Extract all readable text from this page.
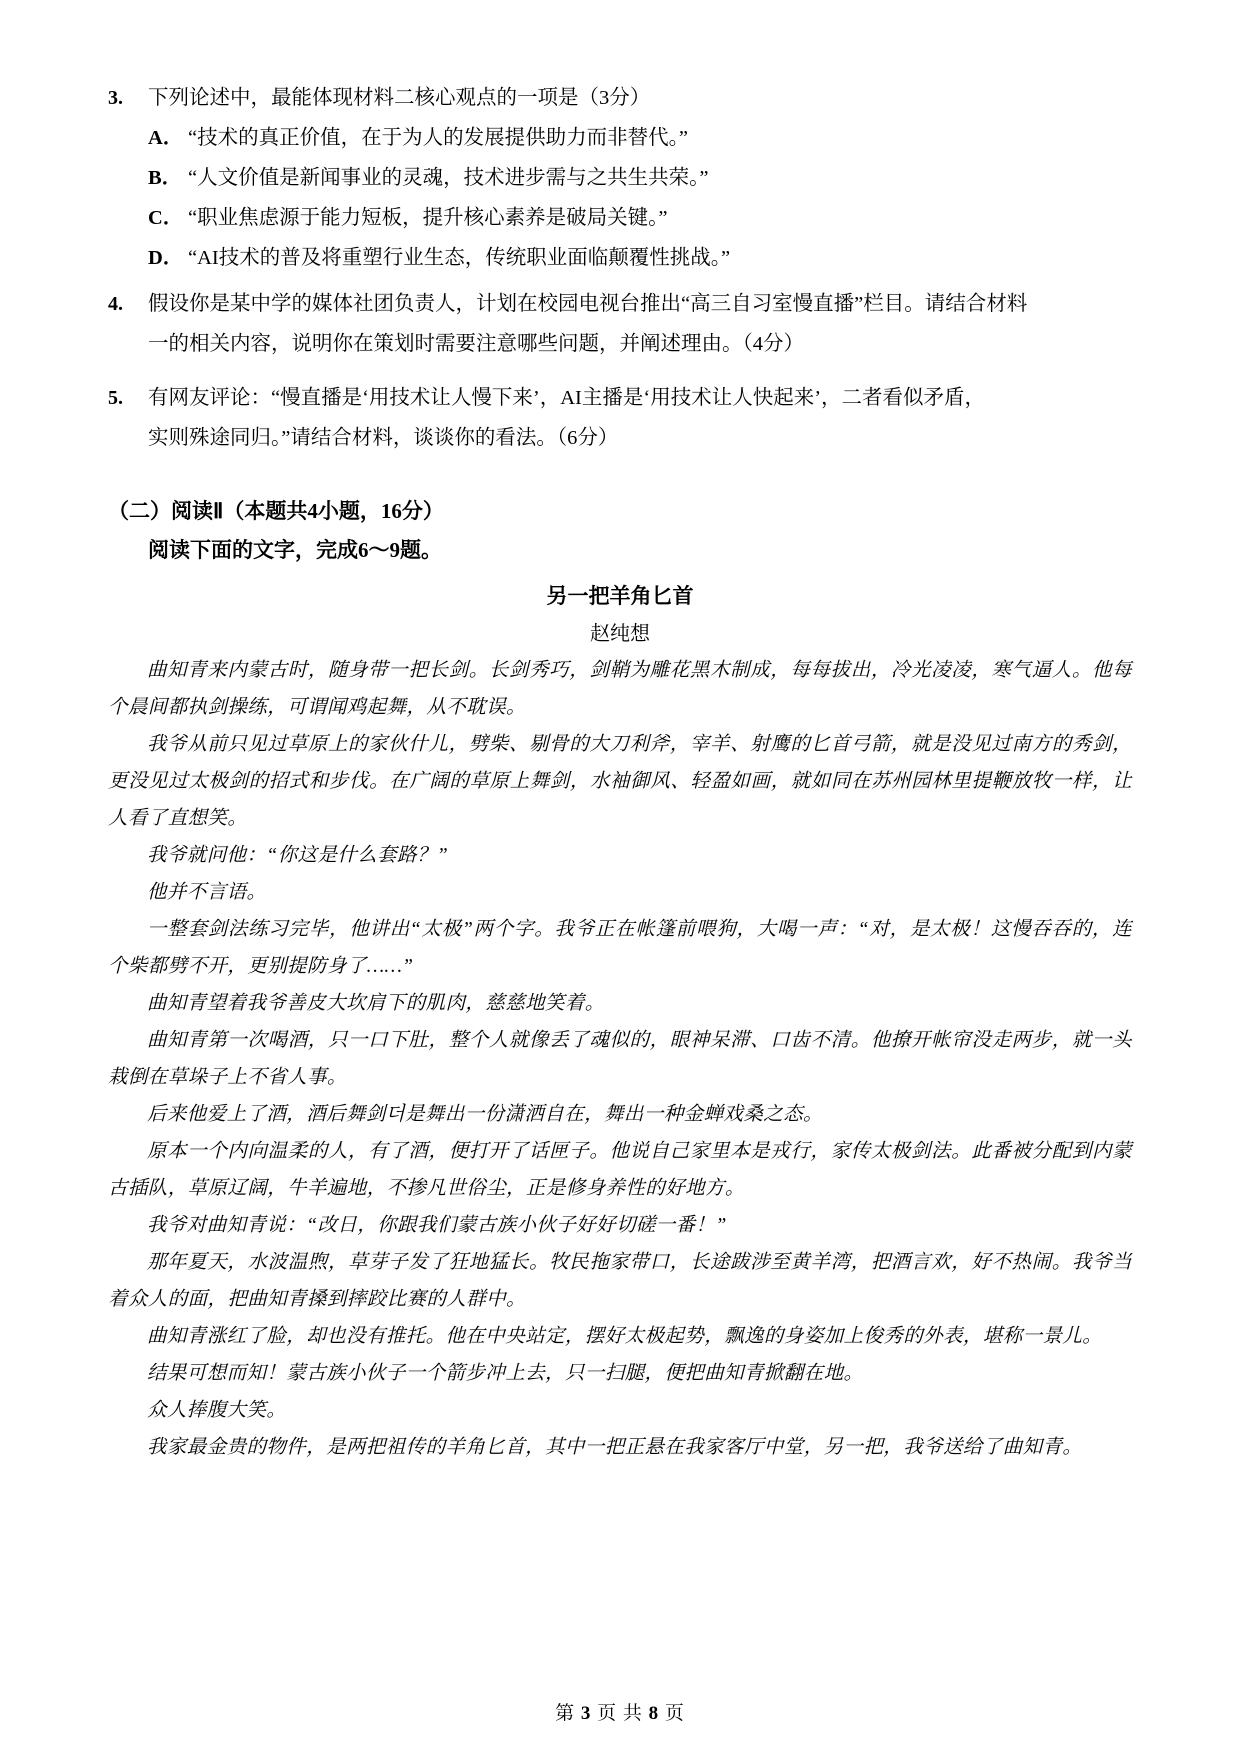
3.	下列论述中，最能体现材料二核心观点的一项是（3分）
A． “技术的真正价值，在于为人的发展提供助力而非替代。”
B． “人文价值是新闻事业的灵魂，技术进步需与之共生共荣。”
C． “职业焦虑源于能力短板，提升核心素养是破局关键。”
D． “AI技术的普及将重塑行业生态，传统职业面临颠覆性挑战。”
4.	假设你是某中学的媒体社团负责人，计划在校园电视台推出“高三自习室慢直播”栏目。请结合材料
一的相关内容，说明你在策划时需要注意哪些问题，并阐述理由。（4分）
5.	有网友评论：“慢直播是‘用技术让人慢下来’，AI主播是‘用技术让人快起来’，二者看似矛盾，
实则殊途同归。”请结合材料，谈谈你的看法。（6分）
（二）阅读Ⅱ（本题共4小题，16分）
阅读下面的文字，完成6～9题。
另一把羊角匕首
赵纯想
曲知青来内蒙古时，随身带一把长剑。长剑秀巧，剑鞘为雕花黑木制成，每每拔出，冷光凌凌，寒气逼人。他每个晨间都执剑操练，可谓闻鸡起舞，从不耽误。
我爷从前只见过草原上的家伙什儿，劈柴、剔骨的大刀利斧，宰羊、射鹰的匕首弓箭，就是没见过南方的秀剑，更没见过太极剑的招式和步伐。在广阔的草原上舞剑，水袖御风、轻盈如画，就如同在苏州园林里提鞭放牧一样，让人看了直想笑。
我爷就问他：“你这是什么套路？”
他并不言语。
一整套剑法练习完毕，他讲出“太极”两个字。我爷正在帐篷前喂狗，大喝一声：“对，是太极！这慢吞吞的，连个柴都劈不开，更别提防身了……”
曲知青望着我爷善皮大坎肩下的肌肉，慈慈地笑着。
曲知青第一次喝酒，只一口下肚，整个人就像丢了魂似的，眼神呆滞、口齿不清。他撩开帐帘没走两步，就一头栽倒在草垛子上不省人事。
后来他爱上了酒，酒后舞剑더是舞出一份潇洒自在，舞出一种金蝉戏桑之态。
原本一个内向温柔的人，有了酒，便打开了话匣子。他说自己家里本是戎行，家传太极剑法。此番被分配到内蒙古插队，草原辽阔，牛羊遍地，不掺凡世俗尘，正是修身养性的好地方。
我爷对曲知青说：“改日，你跟我们蒙古族小伙子好好切磋一番！”
那年夏天，水波温煦，草芽子发了狂地猛长。牧民拖家带口，长途跋涉至黄羊湾，把酒言欢，好不热闹。我爷当着众人的面，把曲知青搡到摔跤比赛的人群中。
曲知青涨红了脸，却也没有推托。他在中央站定，摆好太极起势，飘逸的身姿加上俊秀的外表，堪称一景儿。
结果可想而知！蒙古族小伙子一个箭步冲上去，只一扫腿，便把曲知青掀翻在地。
众人捧腹大笑。
我家最金贵的物件，是两把祖传的羊角匕首，其中一把正悬在我家客厅中堂，另一把，我爷送给了曲知青。
第 3 页 共 8 页
